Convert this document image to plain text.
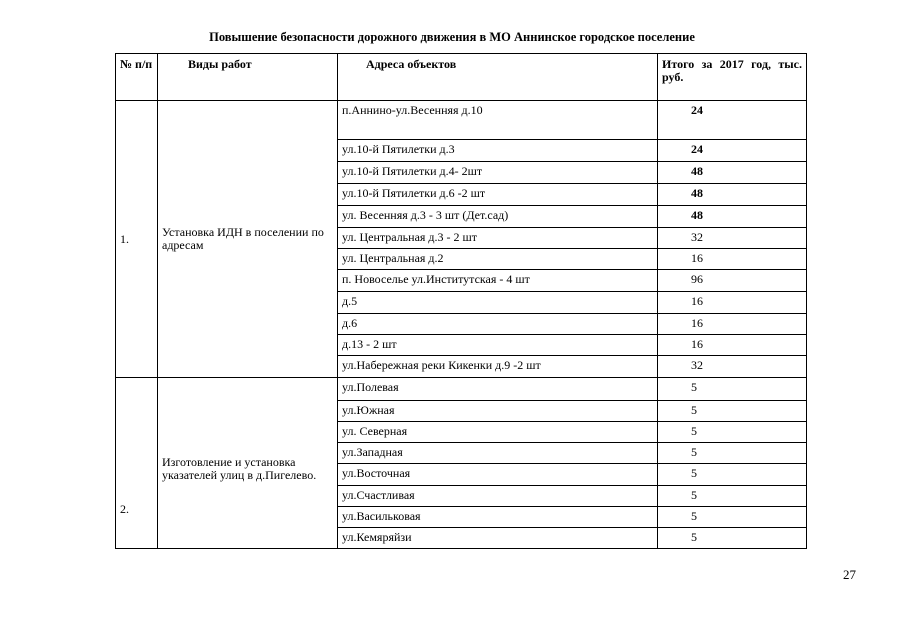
Повышение безопасности дорожного движения в МО Аннинское городское поселение
№ п/п	Виды работ	Адреса объектов	Итого за 2017 год, тыс. руб.
1.	Установка ИДН в поселении по адресам	п.Аннино-ул.Весенняя д.10	24
		ул.10-й Пятилетки д.3	24
		ул.10-й Пятилетки д.4- 2шт	48
		ул.10-й Пятилетки д.6 -2 шт	48
		ул. Весенняя д.3 - 3 шт (Дет.сад)	48
		ул. Центральная д.3 - 2 шт	32
		ул. Центральная д.2	16
		п. Новоселье ул.Институтская - 4 шт	96
		д.5	16
		д.6	16
		д.13 - 2 шт	16
		ул.Набережная реки Кикенки д.9 -2 шт	32
2.	Изготовление и установка указателей улиц в д.Пигелево.	ул.Полевая	5
		ул.Южная	5
		ул. Северная	5
		ул.Западная	5
		ул.Восточная	5
		ул.Счастливая	5
		ул.Васильковая	5
		ул.Кемяряйзи	5
27
